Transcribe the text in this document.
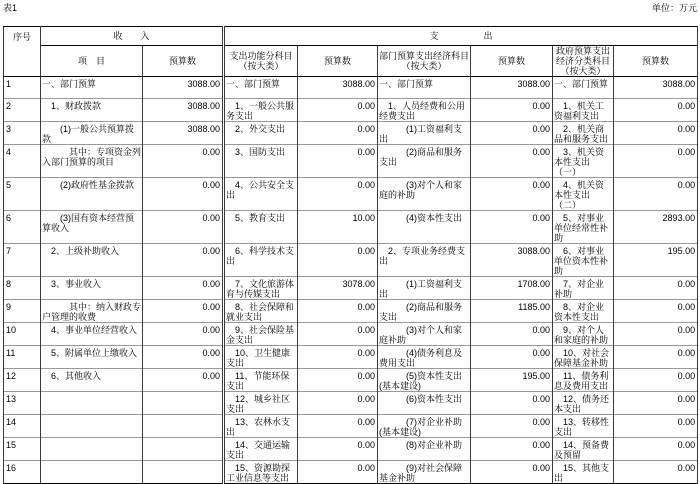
表1	单位：万元
序号	收　　入		支　　　　　出					
	项　目	预算数	支出功能分科目（按大类）	预算数	部门预算支出经济科目（按大类）	预算数	政府预算支出经济分类科目（按大类）	预算数
1	一、部门预算	3088.00	一、部门预算	3088.00	一、部门预算	3088.00	一、部门预算	3088.00
2	　1、财政拨款	3088.00	　1、一般公共服务支出	0.00	　1、人员经费和公用经费支出	0.00	　1、机关工资福利支出	0.00
3	　　(1)一般公共预算拨款	3088.00	　2、外交支出	0.00	　　　(1)工资福利支出	0.00	　2、机关商品和服务支出	0.00
4	　　　其中：专项资金列入部门预算的项目	0.00	　3、国防支出	0.00	　　　(2)商品和服务支出	0.00	　3、机关资本性支出（一）	0.00
5	　　(2)政府性基金拨款	0.00	　4、公共安全支出	0.00	　　　(3)对个人和家庭的补助	0.00	　4、机关资本性支出（二）	0.00
6	　　(3)国有资本经营预算收入	0.00	　5、教育支出	10.00	　　　(4)资本性支出	0.00	　5、对事业单位经常性补助	2893.00
7	　2、上级补助收入	0.00	　6、科学技术支出	0.00	　2、专项业务经费支出	3088.00	　6、对事业单位资本性补助	195.00
8	　3、事业收入	0.00	　7、文化旅游体育与传媒支出	3078.00	　　　(1)工资福利支出	1708.00	　7、对企业补助	0.00
9	　　　其中：纳入财政专户管理的收费	0.00	　8、社会保障和就业支出	0.00	　　　(2)商品和服务支出	1185.00	　8、对企业资本性支出	0.00
10	　4、事业单位经营收入	0.00	　9、社会保险基金支出	0.00	　　　(3)对个人和家庭补助	0.00	　9、对个人和家庭的补助	0.00
11	　5、附属单位上缴收入	0.00	　10、卫生健康支出	0.00	　　　(4)债务利息及费用支出	0.00	　10、对社会保障基金补助	0.00
12	　6、其他收入	0.00	　11、节能环保支出	0.00	　　　(5)资本性支出(基本建设)	195.00	　11、债务利息及费用支出	0.00
13			　12、城乡社区支出	0.00	　　　(6)资本性支出	0.00	　12、债务还本支出	0.00
14			　13、农林水支出	0.00	　　　(7)对企业补助(基本建设)	0.00	　13、转移性支出	0.00
15			　14、交通运输支出	0.00	　　　(8)对企业补助	0.00	　14、预备费及预留	0.00
16			　15、资源勘探工业信息等支出	0.00	　　　(9)对社会保障基金补助	0.00	　15、其他支出	0.00
